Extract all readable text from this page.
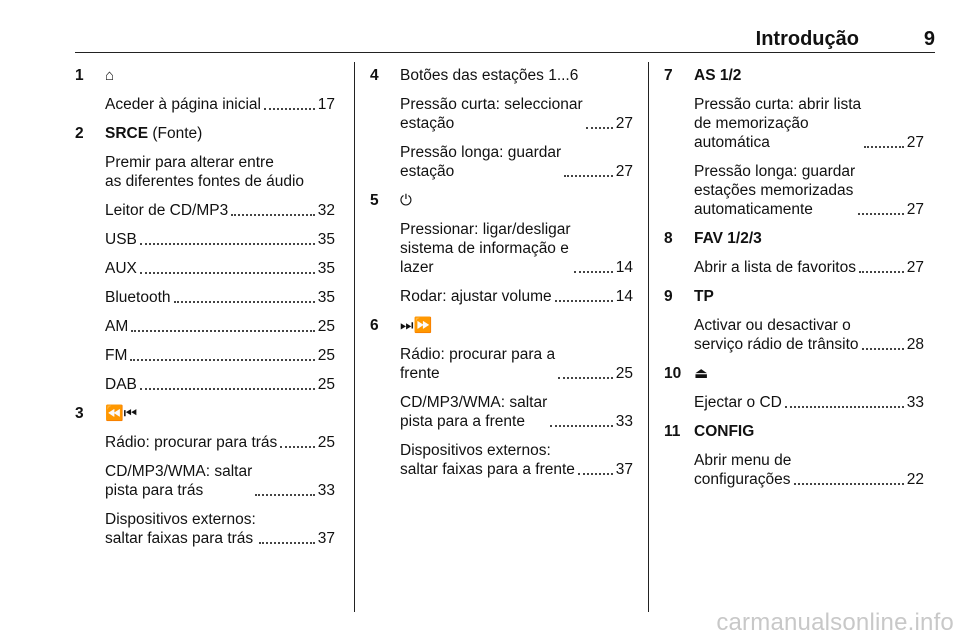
Introdução	9
1 ⌂
Aceder à página inicial	17
2 SRCE (Fonte)
Premir para alterar entre
as diferentes fontes de áudio
Leitor de CD/MP3	32
USB	35
AUX	35
Bluetooth	35
AM	25
FM	25
DAB	25
3 ⏪⏮
Rádio: procurar para trás	25
CD/MP3/WMA: saltar
pista para trás	33
Dispositivos externos:
saltar faixas para trás	37
4 Botões das estações 1...6
Pressão curta: seleccionar
estação	27
Pressão longa: guardar
estação	27
5 ⏻
Pressionar: ligar/desligar
sistema de informação e
lazer	14
Rodar: ajustar volume	14
6 ⏭⏩
Rádio: procurar para a
frente	25
CD/MP3/WMA: saltar
pista para a frente	33
Dispositivos externos:
saltar faixas para a frente	37
7 AS 1/2
Pressão curta: abrir lista
de memorização
automática	27
Pressão longa: guardar
estações memorizadas
automaticamente	27
8 FAV 1/2/3
Abrir a lista de favoritos	27
9 TP
Activar ou desactivar o
serviço rádio de trânsito	28
10 ⏏
Ejectar o CD	33
11 CONFIG
Abrir menu de
configurações	22
carmanualsonline.info
